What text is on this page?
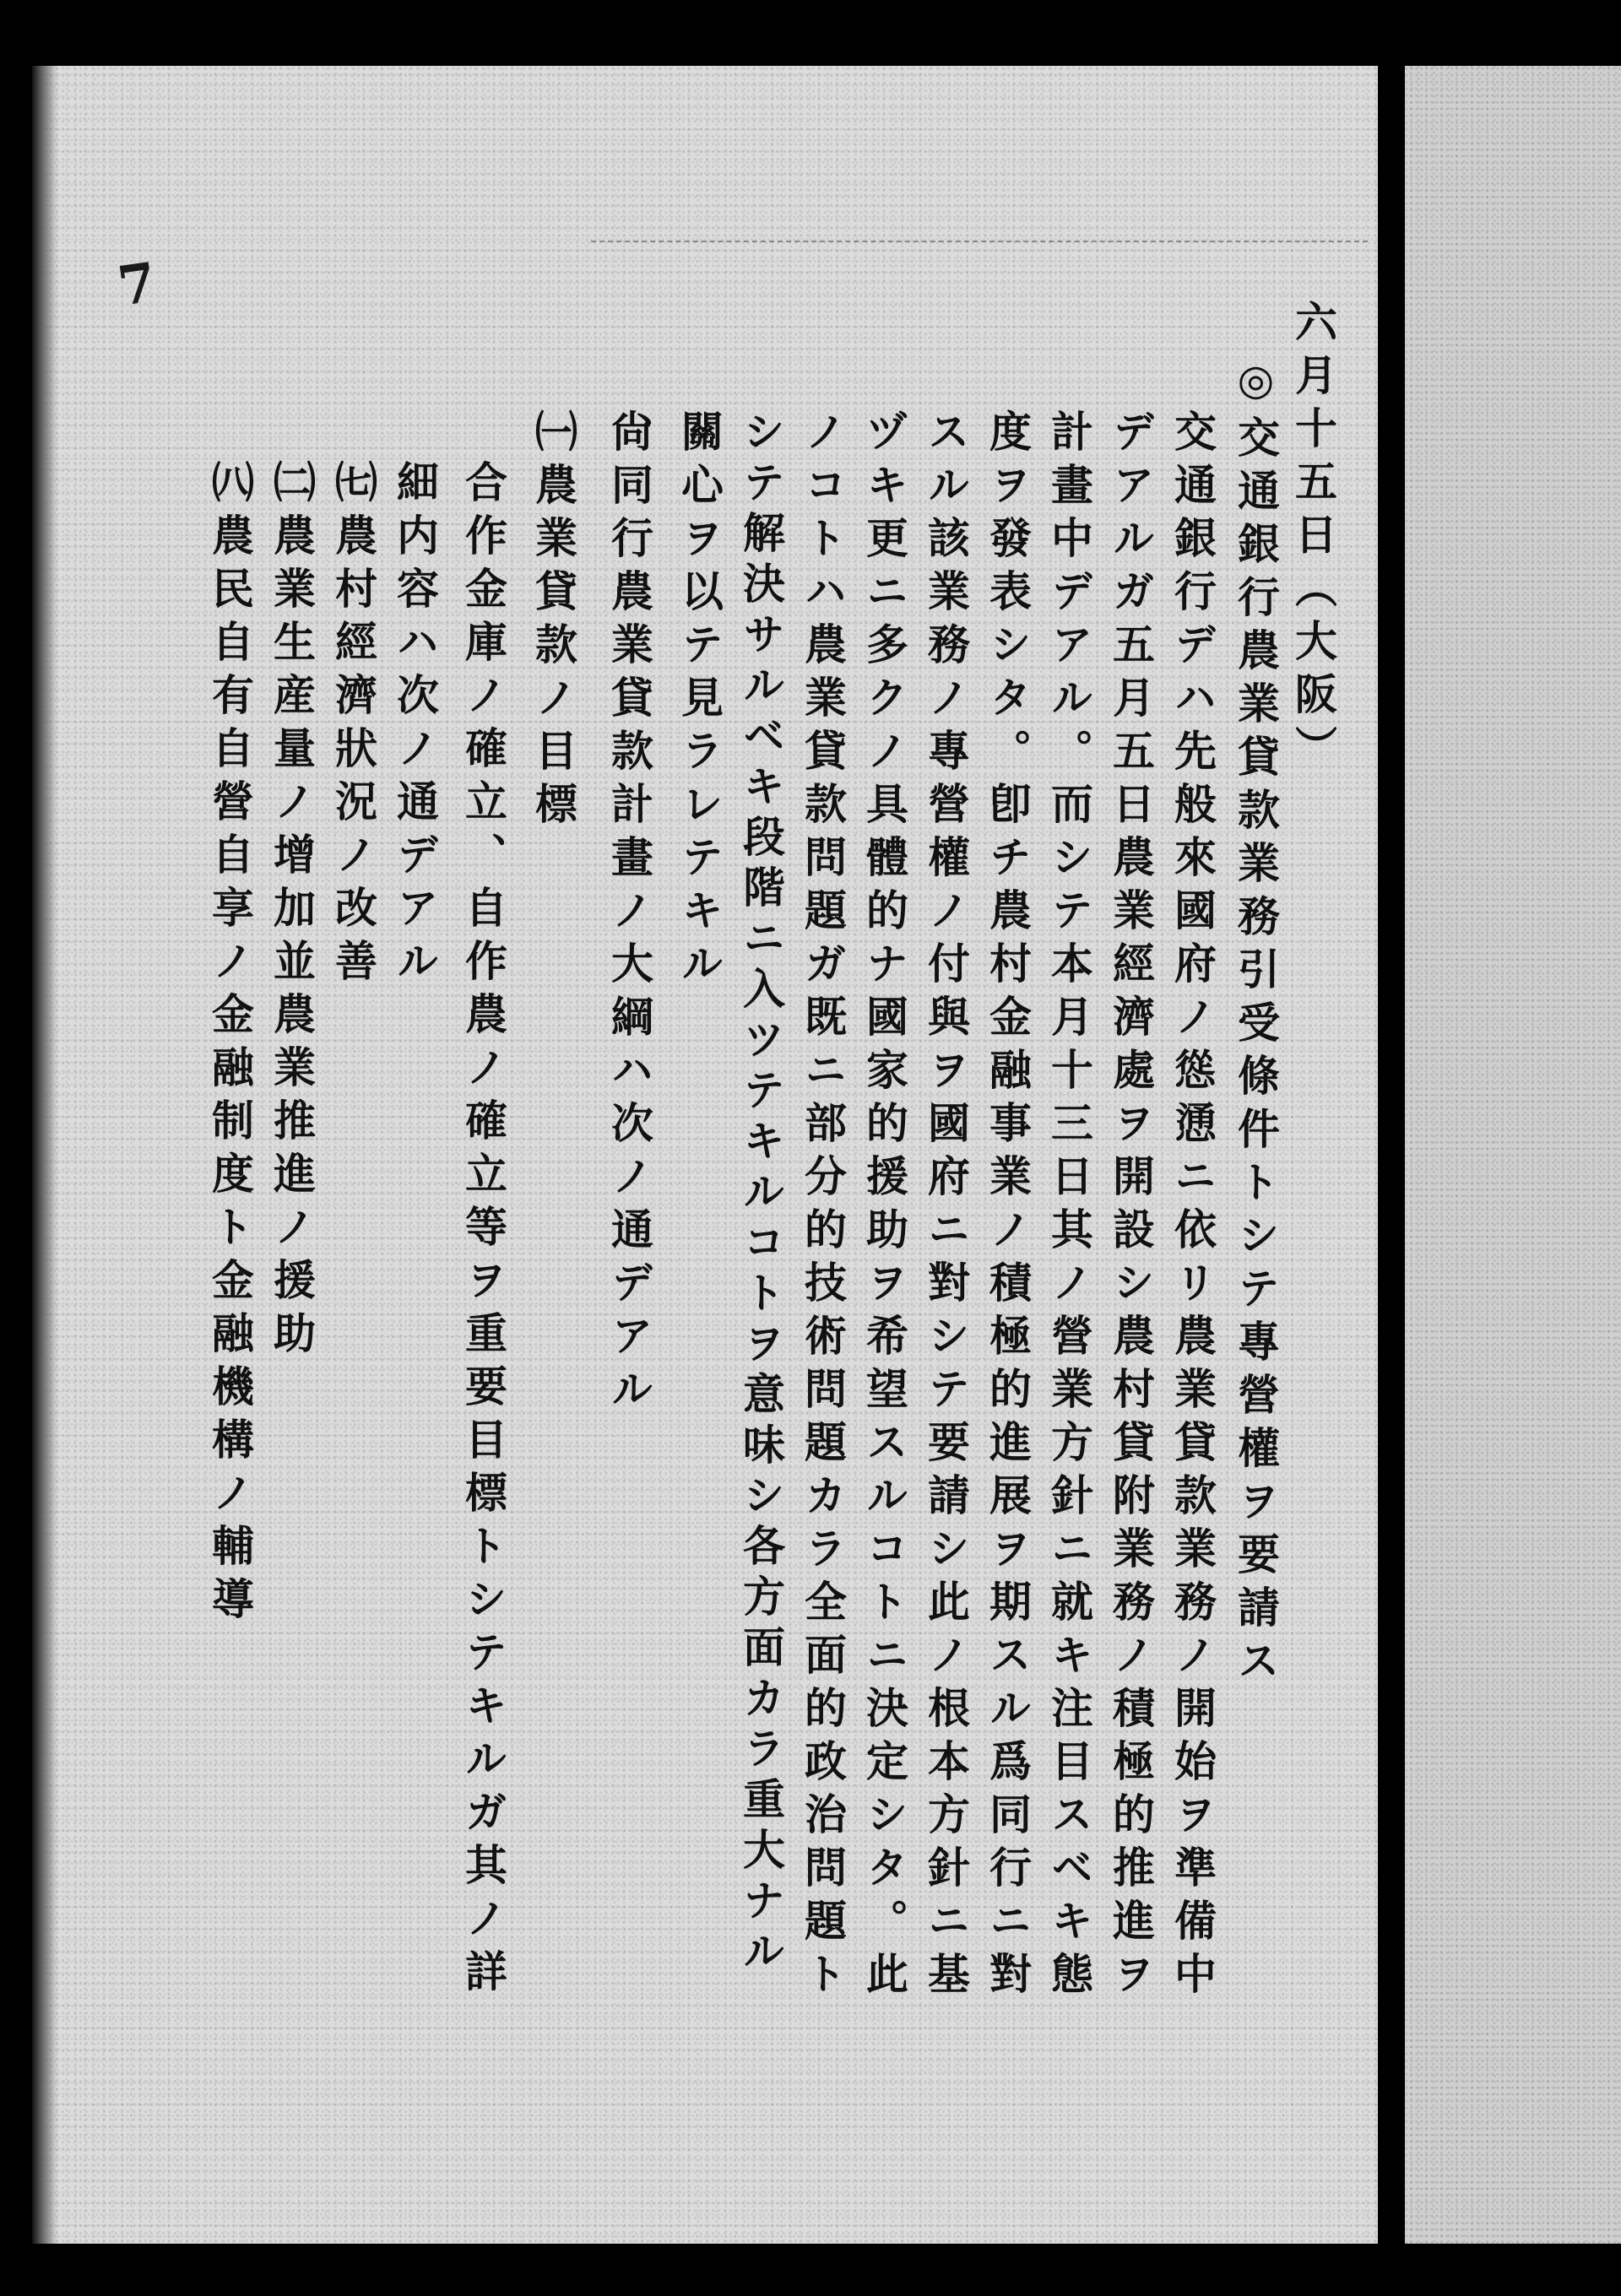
7
六月十五日（大阪）
◎交通銀行農業貸款業務引受條件トシテ專營權ヲ要請ス
交通銀行デハ先般來國府ノ慫慂ニ依リ農業貸款業務ノ開始ヲ準備中
デアルガ五月五日農業經濟處ヲ開設シ農村貸附業務ノ積極的推進ヲ
計畫中デアル。而シテ本月十三日其ノ營業方針ニ就キ注目スベキ態
度ヲ發表シタ。卽チ農村金融事業ノ積極的進展ヲ期スル爲同行ニ對
スル該業務ノ專營權ノ付與ヲ國府ニ對シテ要請シ此ノ根本方針ニ基
ヅキ更ニ多クノ具體的ナ國家的援助ヲ希望スルコトニ決定シタ。此
ノコトハ農業貸款問題ガ既ニ部分的技術問題カラ全面的政治問題ト
シテ解決サルベキ段階ニ入ツテキルコトヲ意味シ各方面カラ重大ナル
關心ヲ以テ見ラレテキル
尙同行農業貸款計畫ノ大綱ハ次ノ通デアル
㈠農業貸款ノ目標
合作金庫ノ確立、自作農ノ確立等ヲ重要目標トシテキルガ其ノ詳
細内容ハ次ノ通デアル
㈦農村經濟狀況ノ改善
㈡農業生産量ノ增加並農業推進ノ援助
㈧農民自有自營自享ノ金融制度ト金融機構ノ輔導
